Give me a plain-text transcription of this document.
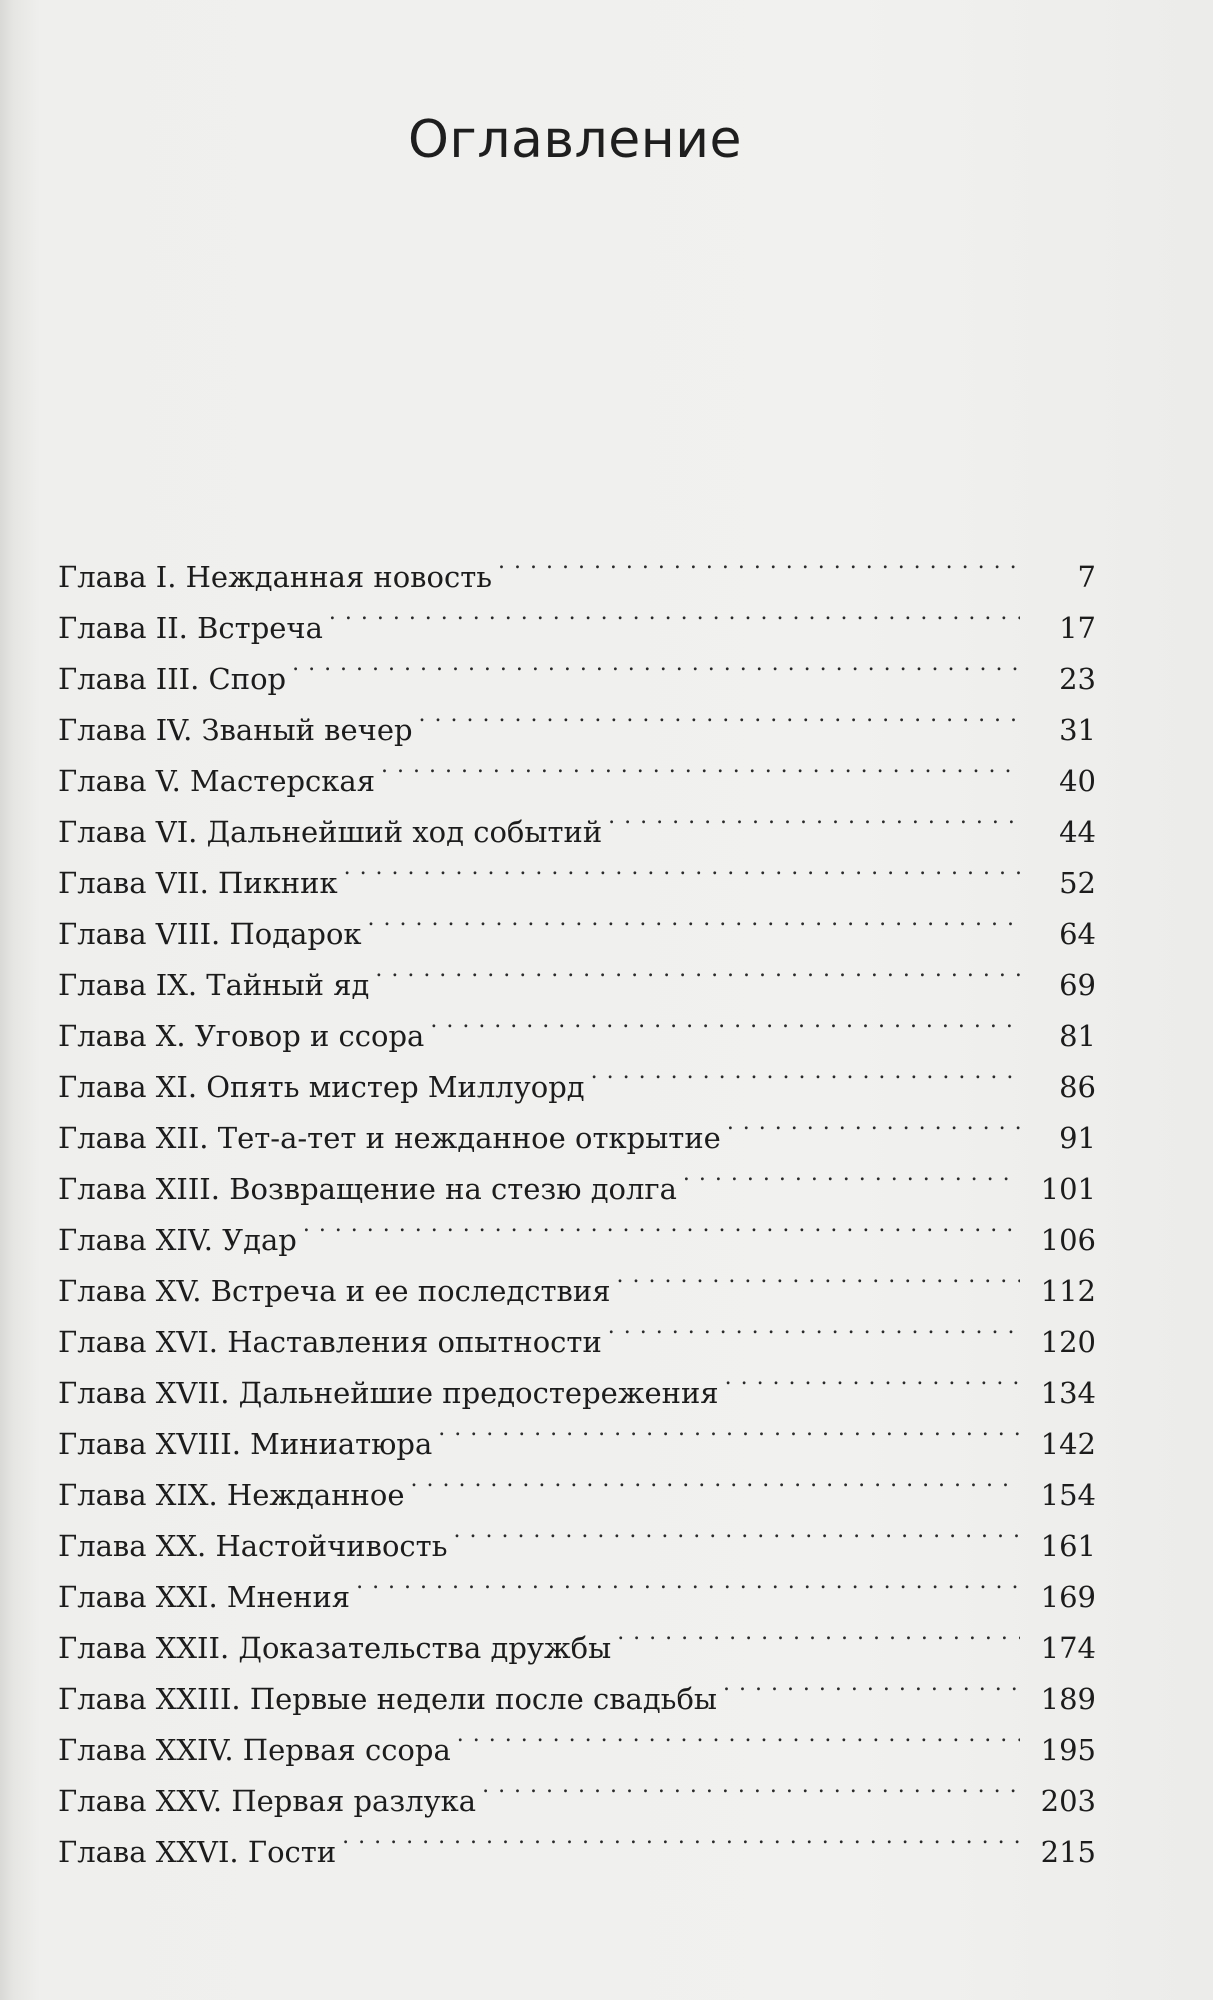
Оглавление
Глава I. Нежданная новость . . .	7
Глава II. Встреча . . .	17
Глава III. Спор . . .	23
Глава IV. Званый вечер . . .	31
Глава V. Мастерская . . .	40
Глава VI. Дальнейший ход событий . . .	44
Глава VII. Пикник . . .	52
Глава VIII. Подарок . . .	64
Глава IX. Тайный яд . . .	69
Глава X. Уговор и ссора . . .	81
Глава XI. Опять мистер Миллуорд . . .	86
Глава XII. Тет-а-тет и нежданное открытие . . .	91
Глава XIII. Возвращение на стезю долга . . .	101
Глава XIV. Удар . . .	106
Глава XV. Встреча и ее последствия . . .	112
Глава XVI. Наставления опытности . . .	120
Глава XVII. Дальнейшие предостережения . . .	134
Глава XVIII. Миниатюра . . .	142
Глава XIX. Нежданное . . .	154
Глава XX. Настойчивость . . .	161
Глава XXI. Мнения . . .	169
Глава XXII. Доказательства дружбы . . .	174
Глава XXIII. Первые недели после свадьбы . . .	189
Глава XXIV. Первая ссора . . .	195
Глава XXV. Первая разлука . . .	203
Глава XXVI. Гости . . .	215
